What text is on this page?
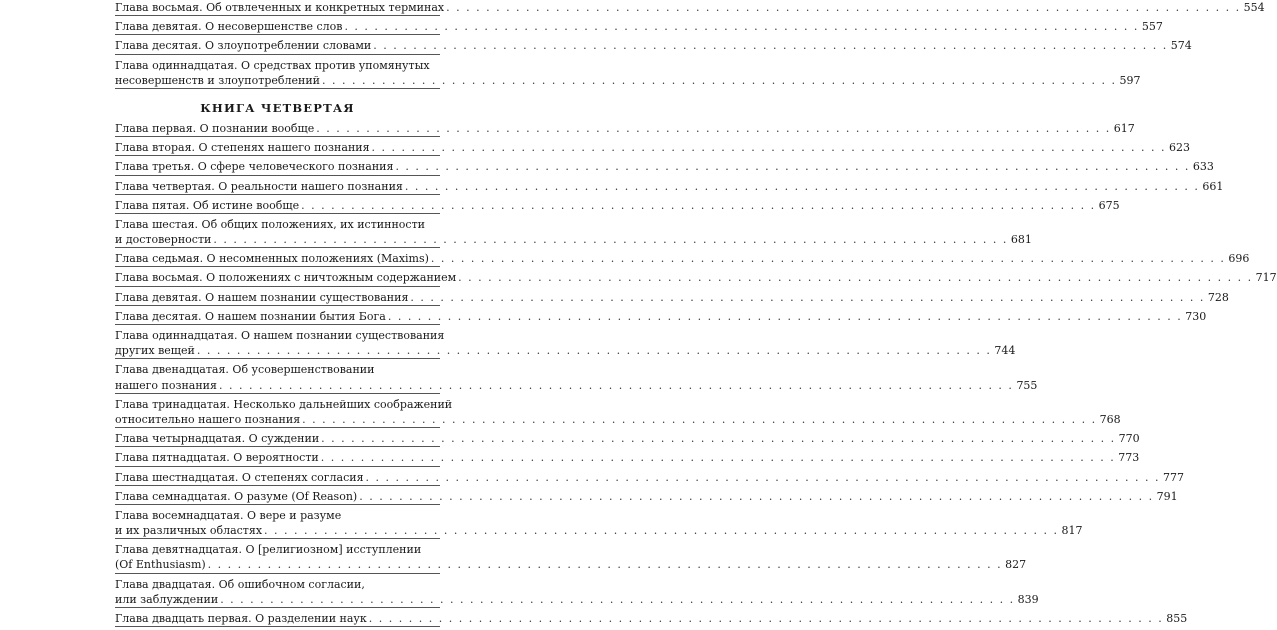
Глава восьмая. Об отвлеченных и конкретных терминах . . .	554
Глава девятая. О несовершенстве слов . . .	557
Глава десятая. О злоупотреблении словами . . .	574
Глава одиннадцатая. О средствах против упомянутых
несовершенств и злоупотреблений . . .	597
КНИГА ЧЕТВЕРТАЯ
Глава первая. О познании вообще . . .	617
Глава вторая. О степенях нашего познания . . .	623
Глава третья. О сфере человеческого познания . . .	633
Глава четвертая. О реальности нашего познания . . .	661
Глава пятая. Об истине вообще . . .	675
Глава шестая. Об общих положениях, их истинности
и достоверности . . .	681
Глава седьмая. О несомненных положениях (Maxims) . . .	696
Глава восьмая. О положениях с ничтожным содержанием . . .	717
Глава девятая. О нашем познании существования . . .	728
Глава десятая. О нашем познании бытия Бога . . .	730
Глава одиннадцатая. О нашем познании существования
других вещей . . .	744
Глава двенадцатая. Об усовершенствовании
нашего познания . . .	755
Глава тринадцатая. Несколько дальнейших соображений
относительно нашего познания . . .	768
Глава четырнадцатая. О суждении . . .	770
Глава пятнадцатая. О вероятности . . .	773
Глава шестнадцатая. О степенях согласия . . .	777
Глава семнадцатая. О разуме (Of Reason) . . .	791
Глава восемнадцатая. О вере и разуме
и их различных областях . . .	817
Глава девятнадцатая. О [религиозном] исступлении
(Of Enthusiasm) . . .	827
Глава двадцатая. Об ошибочном согласии,
или заблуждении . . .	839
Глава двадцать первая. О разделении наук . . .	855
